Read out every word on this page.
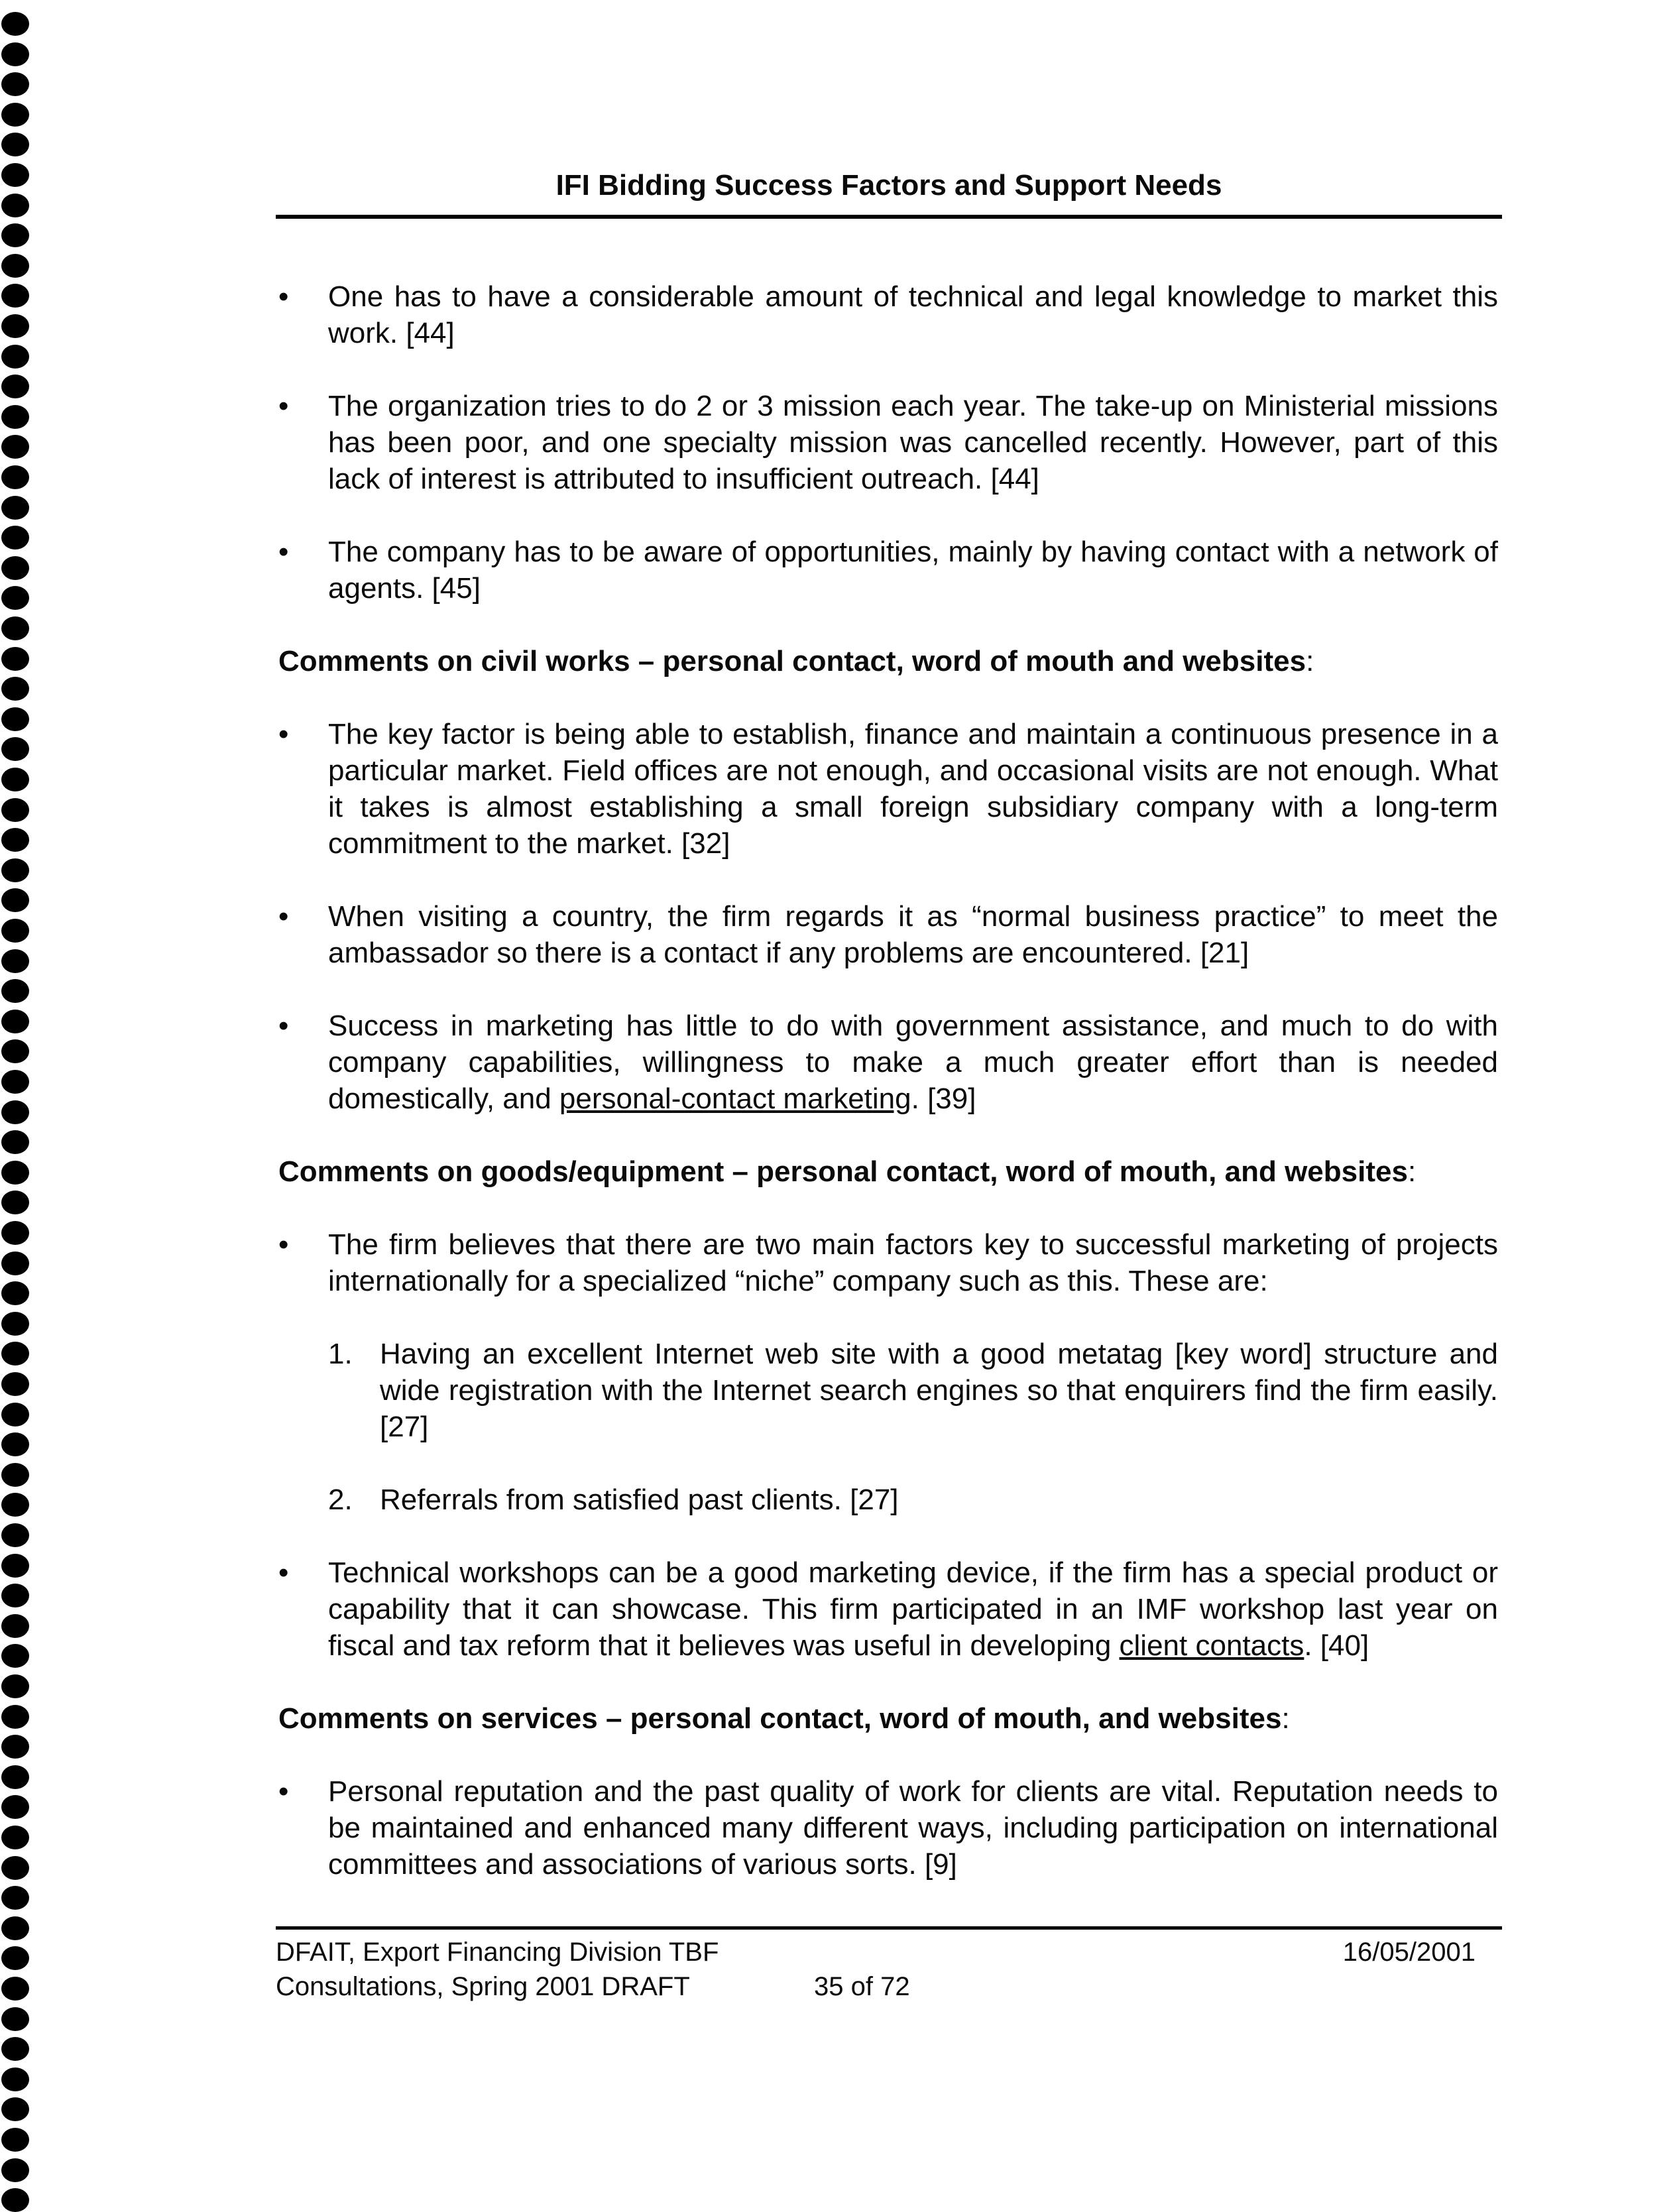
IFI Bidding Success Factors and Support Needs
• One has to have a considerable amount of technical and legal knowledge to market this work. [44]
• The organization tries to do 2 or 3 mission each year. The take-up on Ministerial missions has been poor, and one specialty mission was cancelled recently. However, part of this lack of interest is attributed to insufficient outreach. [44]
• The company has to be aware of opportunities, mainly by having contact with a network of agents. [45]
Comments on civil works – personal contact, word of mouth and websites:
• The key factor is being able to establish, finance and maintain a continuous presence in a particular market. Field offices are not enough, and occasional visits are not enough. What it takes is almost establishing a small foreign subsidiary company with a long-term commitment to the market. [32]
• When visiting a country, the firm regards it as “normal business practice” to meet the ambassador so there is a contact if any problems are encountered. [21]
• Success in marketing has little to do with government assistance, and much to do with company capabilities, willingness to make a much greater effort than is needed domestically, and personal-contact marketing. [39]
Comments on goods/equipment – personal contact, word of mouth, and websites:
• The firm believes that there are two main factors key to successful marketing of projects internationally for a specialized “niche” company such as this. These are:
1. Having an excellent Internet web site with a good metatag [key word] structure and wide registration with the Internet search engines so that enquirers find the firm easily. [27]
2. Referrals from satisfied past clients. [27]
• Technical workshops can be a good marketing device, if the firm has a special product or capability that it can showcase. This firm participated in an IMF workshop last year on fiscal and tax reform that it believes was useful in developing client contacts. [40]
Comments on services – personal contact, word of mouth, and websites:
• Personal reputation and the past quality of work for clients are vital. Reputation needs to be maintained and enhanced many different ways, including participation on international committees and associations of various sorts. [9]
DFAIT, Export Financing Division TBF
Consultations, Spring 2001 DRAFT	35 of 72
16/05/2001
